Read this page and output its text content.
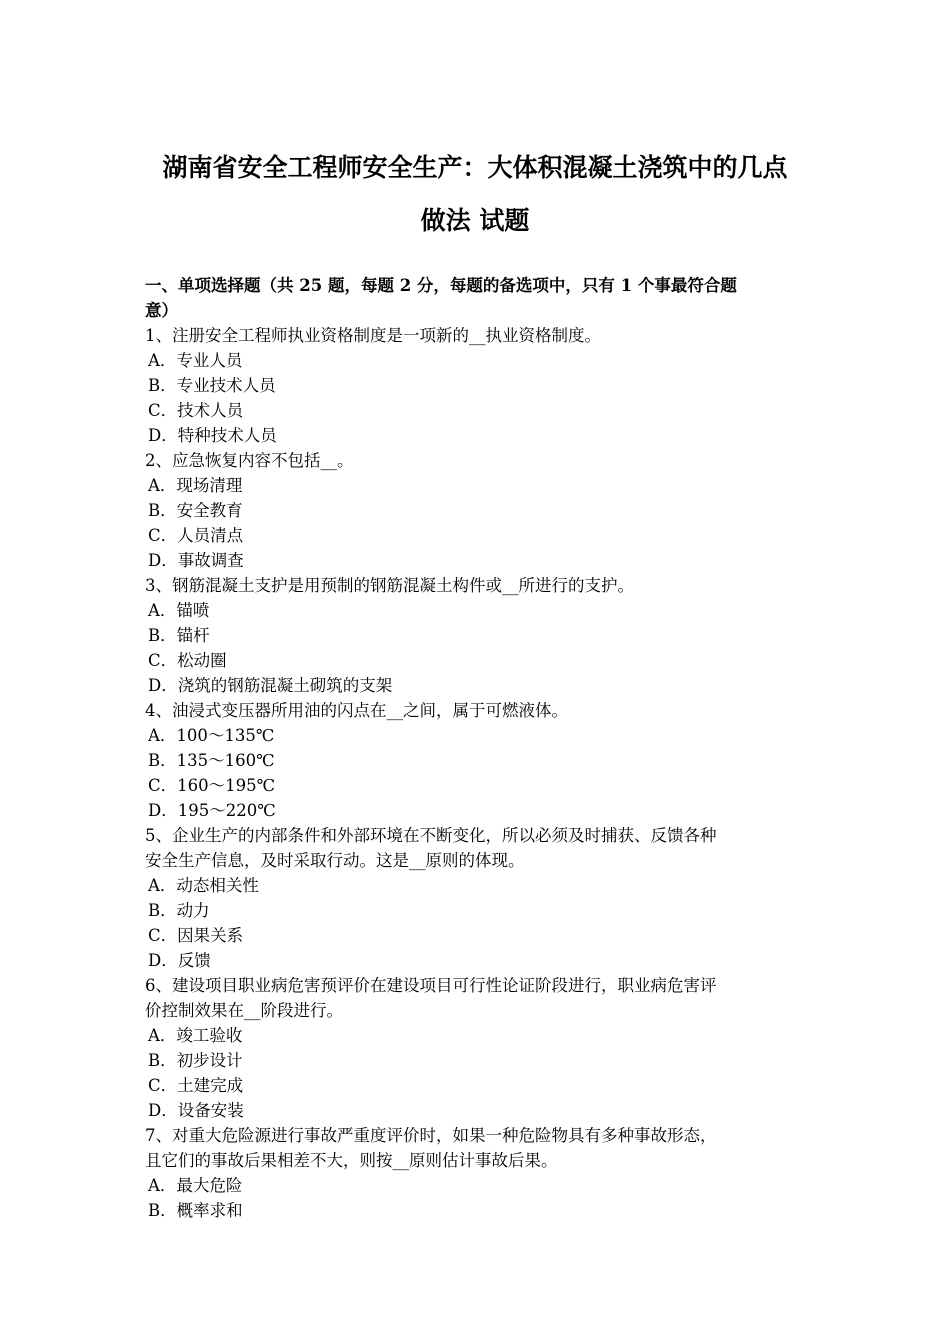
湖南省安全工程师安全生产：大体积混凝土浇筑中的几点
做法 试题
一、单项选择题（共 25 题，每题 2 分，每题的备选项中，只有 1 个事最符合题
意）
1、注册安全工程师执业资格制度是一项新的__执业资格制度。
A．专业人员
B．专业技术人员
C．技术人员
D．特种技术人员
2、应急恢复内容不包括__。
A．现场清理
B．安全教育
C．人员清点
D．事故调查
3、钢筋混凝土支护是用预制的钢筋混凝土构件或__所进行的支护。
A．锚喷
B．锚杆
C．松动圈
D．浇筑的钢筋混凝土砌筑的支架
4、油浸式变压器所用油的闪点在__之间，属于可燃液体。
A．100～135℃
B．135～160℃
C．160～195℃
D．195～220℃
5、企业生产的内部条件和外部环境在不断变化，所以必须及时捕获、反馈各种
安全生产信息，及时采取行动。这是__原则的体现。
A．动态相关性
B．动力
C．因果关系
D．反馈
6、建设项目职业病危害预评价在建设项目可行性论证阶段进行，职业病危害评
价控制效果在__阶段进行。
A．竣工验收
B．初步设计
C．土建完成
D．设备安装
7、对重大危险源进行事故严重度评价时，如果一种危险物具有多种事故形态，
且它们的事故后果相差不大，则按__原则估计事故后果。
A．最大危险
B．概率求和
